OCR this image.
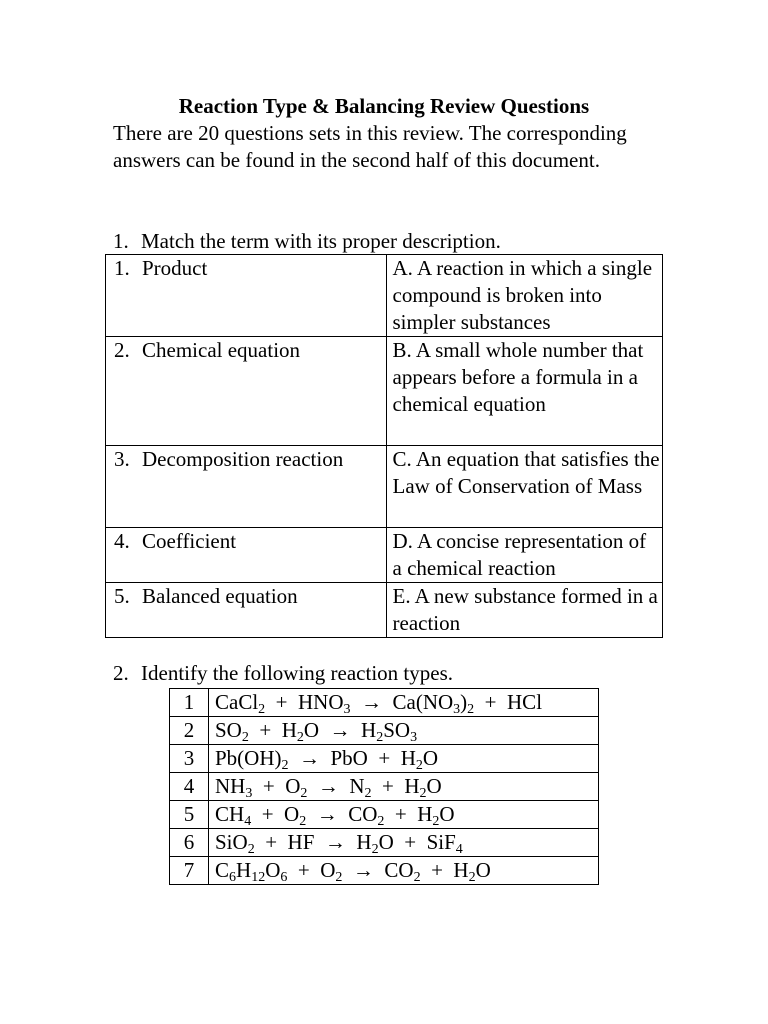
Reaction Type & Balancing Review Questions
There are 20 questions sets in this review. The corresponding answers can be found in the second half of this document.
1. Match the term with its proper description.
1. Product	A. A reaction in which a single compound is broken into simpler substances
2. Chemical equation	B. A small whole number that appears before a formula in a chemical equation
3. Decomposition reaction	C. An equation that satisfies the Law of Conservation of Mass
4. Coefficient	D. A concise representation of a chemical reaction
5. Balanced equation	E. A new substance formed in a reaction
2. Identify the following reaction types.
1	CaCl$_2$  +  $HNO_3 \to Ca(NO_3)_2$  +  HCl
2	$SO_2 + H_2O \to H_2SO_3$
3	$Pb(OH)_2$  →  PbO  +  $H_2O$
4	$NH_3 + O_2 \to N_2 + H_2O$
5	$CH_4 + O_2 \to CO_2 + H_2O$
6	SiO$_2$  +  HF  →  $H_2O + SiF_4$
7	$C_6H_{12}O_6 + O_2 \to CO_2 + H_2O$
